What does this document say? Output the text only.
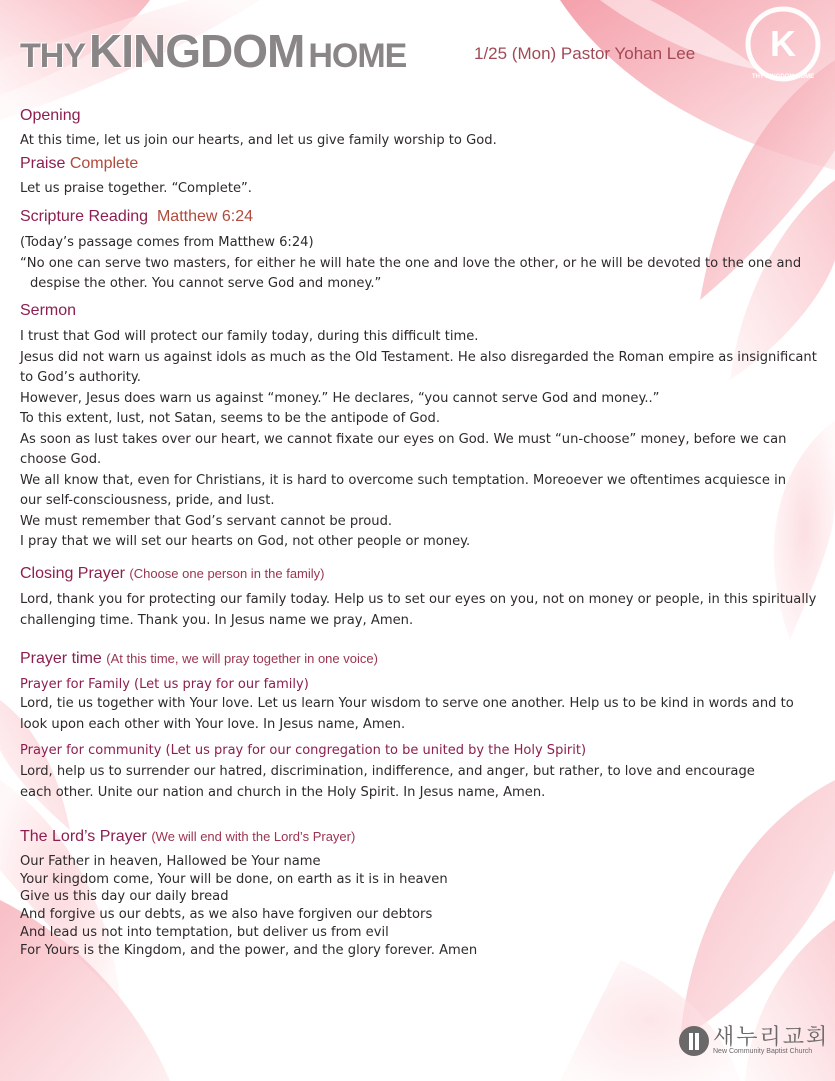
THYKINGDOM HOME	1/25 (Mon) Pastor Yohan Lee K
THY KINGDOM HOME
Opening

At this time, let us join our hearts, and let us give family worship to God.

Praise Complete

Let us praise together. “Complete”.

Scripture Reading Matthew 6:24

(Today’s passage comes from Matthew 6:24)
“No one can serve two masters, for either he will hate the one and love the other, or he will be devoted to the one and
despise the other. You cannot serve God and money.”

Sermon

I trust that God will protect our family today, during this difficult time.
Jesus did not warn us against idols as much as the Old Testament. He also disregarded the Roman empire as insignificant
to God’s authority.
However, Jesus does warn us against “money.” He declares, “you cannot serve God and money..”
To this extent, lust, not Satan, seems to be the antipode of God.
As soon as lust takes over our heart, we cannot fixate our eyes on God. We must “un-choose” money, before we can
choose God.
We all know that, even for Christians, it is hard to overcome such temptation. Moreoever we oftentimes acquiesce in
our self-consciousness, pride, and lust.
We must remember that God’s servant cannot be proud.
I pray that we will set our hearts on God, not other people or money.

Closing Prayer (Choose one person in the family)

Lord, thank you for protecting our family today. Help us to set our eyes on you, not on money or people, in this spiritually
challenging time. Thank you. In Jesus name we pray, Amen.

Prayer time (At this time, we will pray together in one voice)
Prayer for Family (Let us pray for our family)

Lord, tie us together with Your love. Let us learn Your wisdom to serve one another. Help us to be kind in words and to
look upon each other with Your love. In Jesus name, Amen.

Prayer for community (Let us pray for our congregation to be united by the Holy Spirit)

Lord, help us to surrender our hatred, discrimination, indifference, and anger, but rather, to love and encourage
each other. Unite our nation and church in the Holy Spirit. In Jesus name, Amen.

The Lord’s Prayer (We will end with the Lord’s Prayer)

Our Father in heaven, Hallowed be Your name
Your kingdom come, Your will be done, on earth as it is in heaven
Give us this day our daily bread
And forgive us our debts, as we also have forgiven our debtors
And lead us not into temptation, but deliver us from evil
For Yours is the Kingdom, and the power, and the glory forever. Amen

새누리교회
New Community Baptist Church
